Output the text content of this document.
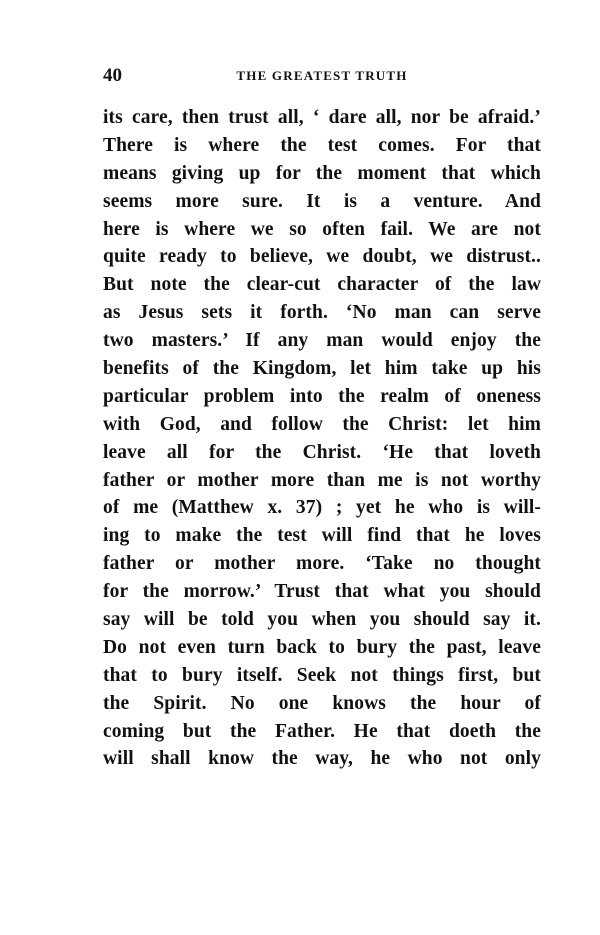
40	THE GREATEST TRUTH
its care, then trust all, ‘ dare all, nor be afraid.’
There is where the test comes. For that
means giving up for the moment that which
seems more sure. It is a venture. And
here is where we so often fail. We are not
quite ready to believe, we doubt, we distrust..
But note the clear-cut character of the law
as Jesus sets it forth. ‘No man can serve
two masters.’ If any man would enjoy the
benefits of the Kingdom, let him take up his
particular problem into the realm of oneness
with God, and follow the Christ: let him
leave all for the Christ. ‘He that loveth
father or mother more than me is not worthy
of me (Matthew x. 37) ; yet he who is will-
ing to make the test will find that he loves
father or mother more. ‘Take no thought
for the morrow.’ Trust that what you should
say will be told you when you should say it.
Do not even turn back to bury the past, leave
that to bury itself. Seek not things first, but
the Spirit. No one knows the hour of
coming but the Father. He that doeth the
will shall know the way, he who not only
